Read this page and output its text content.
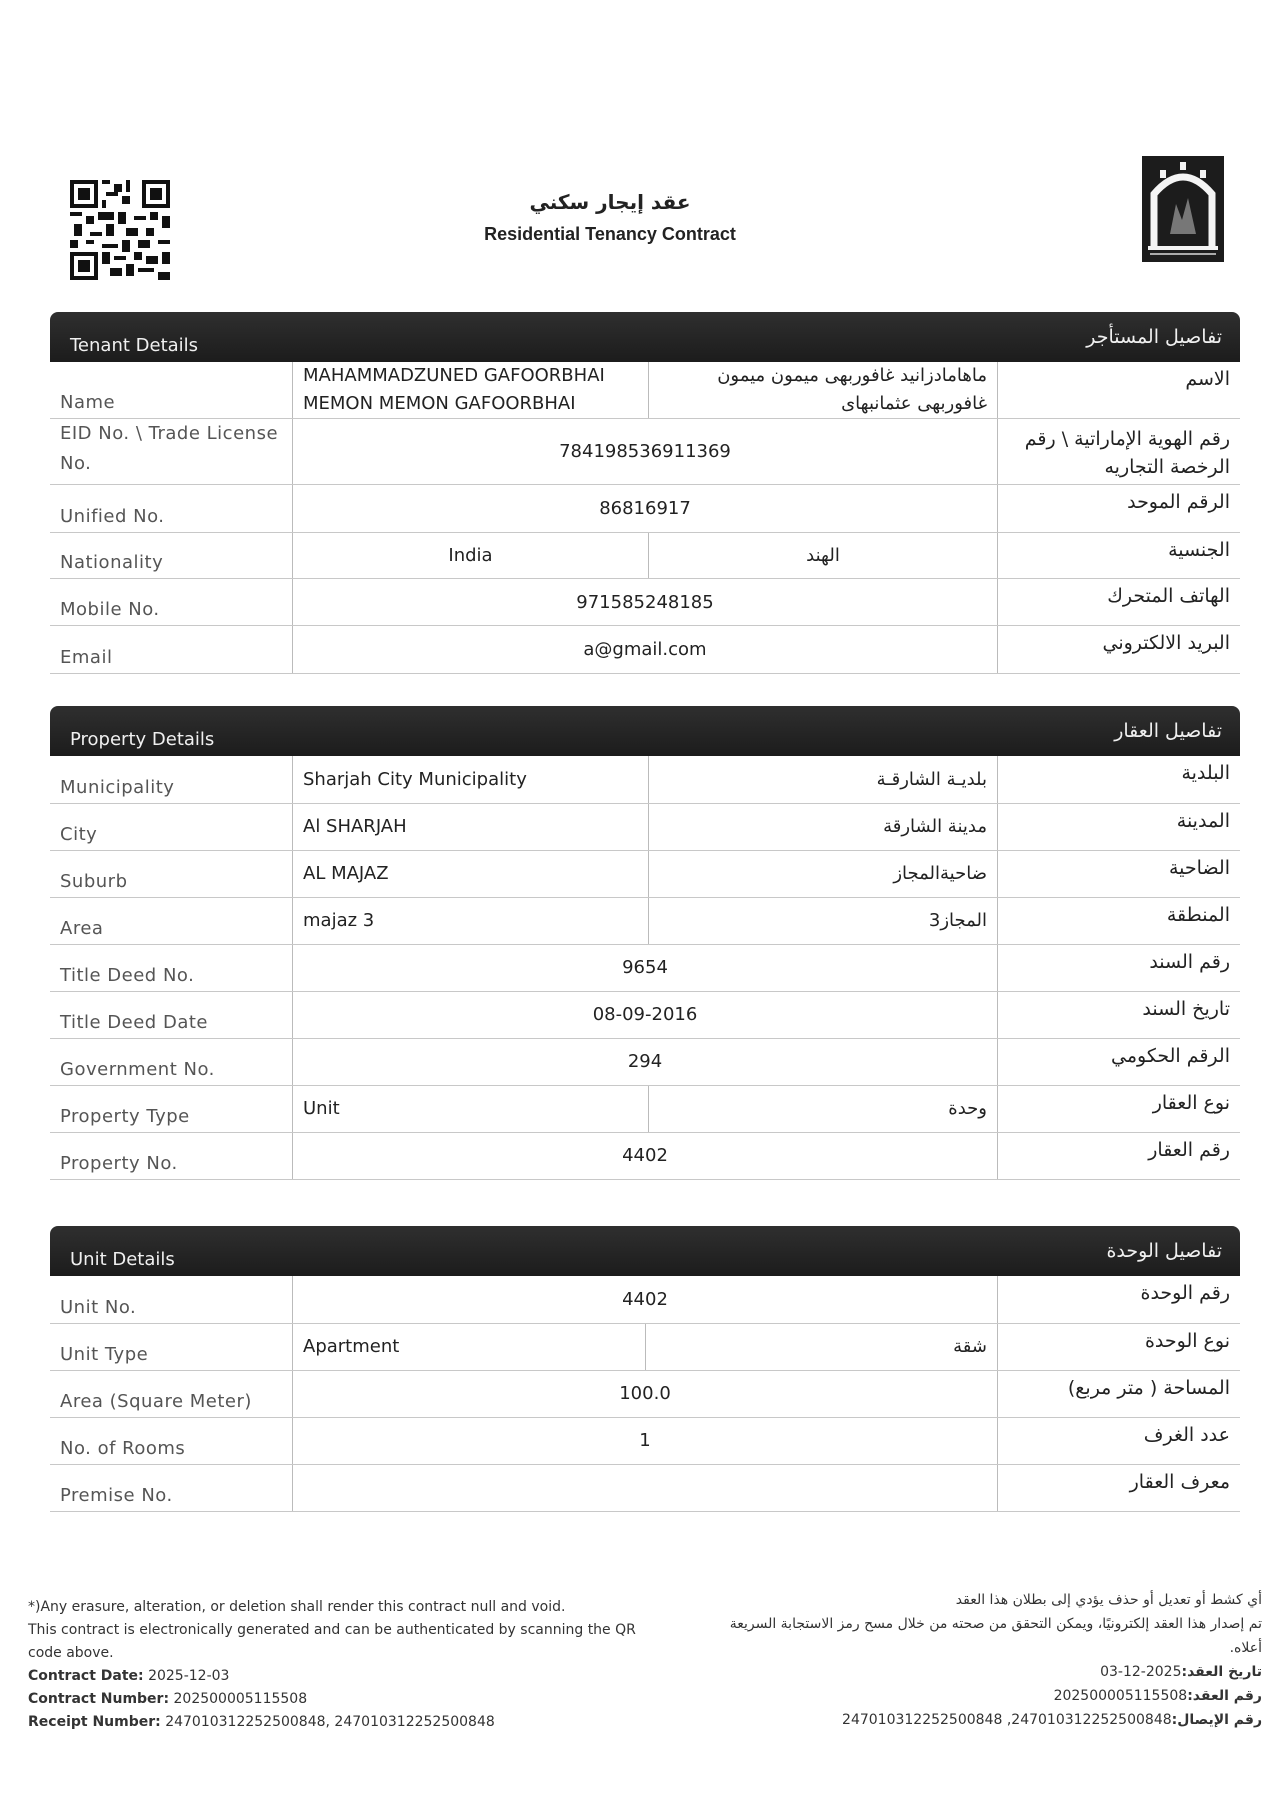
عقد إيجار سكني
Residential Tenancy Contract
Tenant Details	تفاصيل المستأجر
Name	MAHAMMADZUNED GAFOORBHAI MEMON MEMON GAFOORBHAI	ماهامادزانيد غافوربهى ميمون ميمون غافوربهى عثمانبهاى	الاسم
EID No. \ Trade License No.	784198536911369		رقم الهوية الإماراتية \ رقم الرخصة التجاريه
Unified No.	86816917		الرقم الموحد
Nationality	India	الهند	الجنسية
Mobile No.	971585248185		الهاتف المتحرك
Email	a@gmail.com		البريد الالكتروني
Property Details	تفاصيل العقار
Municipality	Sharjah City Municipality	بلديـة الشارقـة	البلدية
City	Al SHARJAH	مدينة الشارقة	المدينة
Suburb	AL MAJAZ	ضاحيةالمجاز	الضاحية
Area	majaz 3	المجاز3	المنطقة
Title Deed No.	9654		رقم السند
Title Deed Date	08-09-2016		تاريخ السند
Government No.	294		الرقم الحكومي
Property Type	Unit	وحدة	نوع العقار
Property No.	4402		رقم العقار
Unit Details	تفاصيل الوحدة
Unit No.	4402		رقم الوحدة
Unit Type	Apartment	شقة	نوع الوحدة
Area (Square Meter)	100.0		المساحة ( متر مربع)
No. of Rooms	1		عدد الغرف
Premise No.			معرف العقار
*)Any erasure, alteration, or deletion shall render this contract null and void.
This contract is electronically generated and can be authenticated by scanning the QR code above.
Contract Date: 2025-12-03
Contract Number: 202500005115508
Receipt Number: 247010312252500848, 247010312252500848
أي كشط أو تعديل أو حذف يؤدي إلى بطلان هذا العقد
تم إصدار هذا العقد إلكترونيًا، ويمكن التحقق من صحته من خلال مسح رمز الاستجابة السريعة أعلاه.
تاريخ العقد:2025-12-03
رقم العقد:202500005115508
رقم الإيصال:247010312252500848, 247010312252500848
